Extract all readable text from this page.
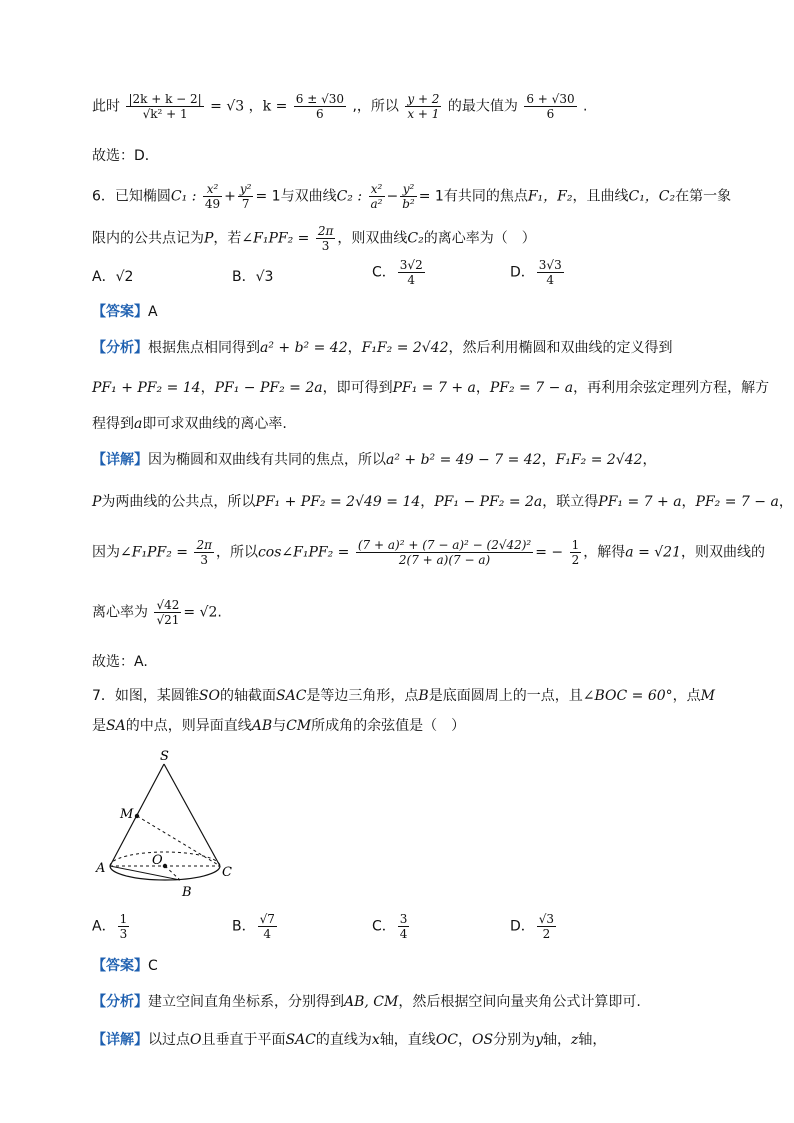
此时 $\frac{|2k + k - 2|}{\text{√k² + 1}} = √3$ ，$k = \frac{6 \pm √30}{6}$ ,，所以 $\frac{y + 2}{x + 1}$ 的最大值为 $\frac{6 + √30}{6}$ .
故选：D．
6．已知椭圆C₁ : $\frac{\text{x²}}{49} + \frac{\text{y²}}{7} = 1$与双曲线C₂ : $\frac{\text{x²}}{\text{a²}} - \frac{\text{y²}}{\text{b²}} = 1$有共同的焦点F₁，F₂，且曲线C₁，C₂在第一象
限内的公共点记为P，若∠F₁PF₂ = $\frac{2\pi}{3}$ ，则双曲线C₂的离心率为（　）
A．√2	B．√3	C． $\frac{3√2}{4}$	D． $\frac{3√3}{4}$
【答案】A
【分析】根据焦点相同得到a² + b² = 42，F₁F₂ = 2√42，然后利用椭圆和双曲线的定义得到
PF₁ + PF₂ = 14，PF₁ − PF₂ = 2a，即可得到PF₁ = 7 + a，PF₂ = 7 − a，再利用余弦定理列方程，解方
程得到a即可求双曲线的离心率.
【详解】因为椭圆和双曲线有共同的焦点，所以a² + b² = 49 − 7 = 42，F₁F₂ = 2√42，
P为两曲线的公共点，所以PF₁ + PF₂ = 2√49 = 14，PF₁ − PF₂ = 2a，联立得PF₁ = 7 + a，PF₂ = 7 − a，
因为∠F₁PF₂ = $\frac{2\pi}{3}$ ，所以cos∠F₁PF₂ = $\frac{\text{(7 + a)² + (7 − a)² − (2√42)²}}{2(7 + a)(7 - a)}$ = − $\frac{1}{2}$ ，解得a = √21，则双曲线的
离心率为 $\frac{√42}{√21} = √2$.
故选：A.
7．如图，某圆锥SO的轴截面SAC是等边三角形，点B是底面圆周上的一点，且∠BOC = 60°，点M
是SA的中点，则异面直线AB与CM所成角的余弦值是（　）
S
M
A
O
C
B
A． $\frac{1}{3}$	B． $\frac{√7}{4}$	C． $\frac{3}{4}$	D． $\frac{√3}{2}$
【答案】C
【分析】建立空间直角坐标系，分别得到AB, CM，然后根据空间向量夹角公式计算即可.
【详解】以过点O且垂直于平面SAC的直线为x轴，直线OC，OS分别为y轴，z轴，
